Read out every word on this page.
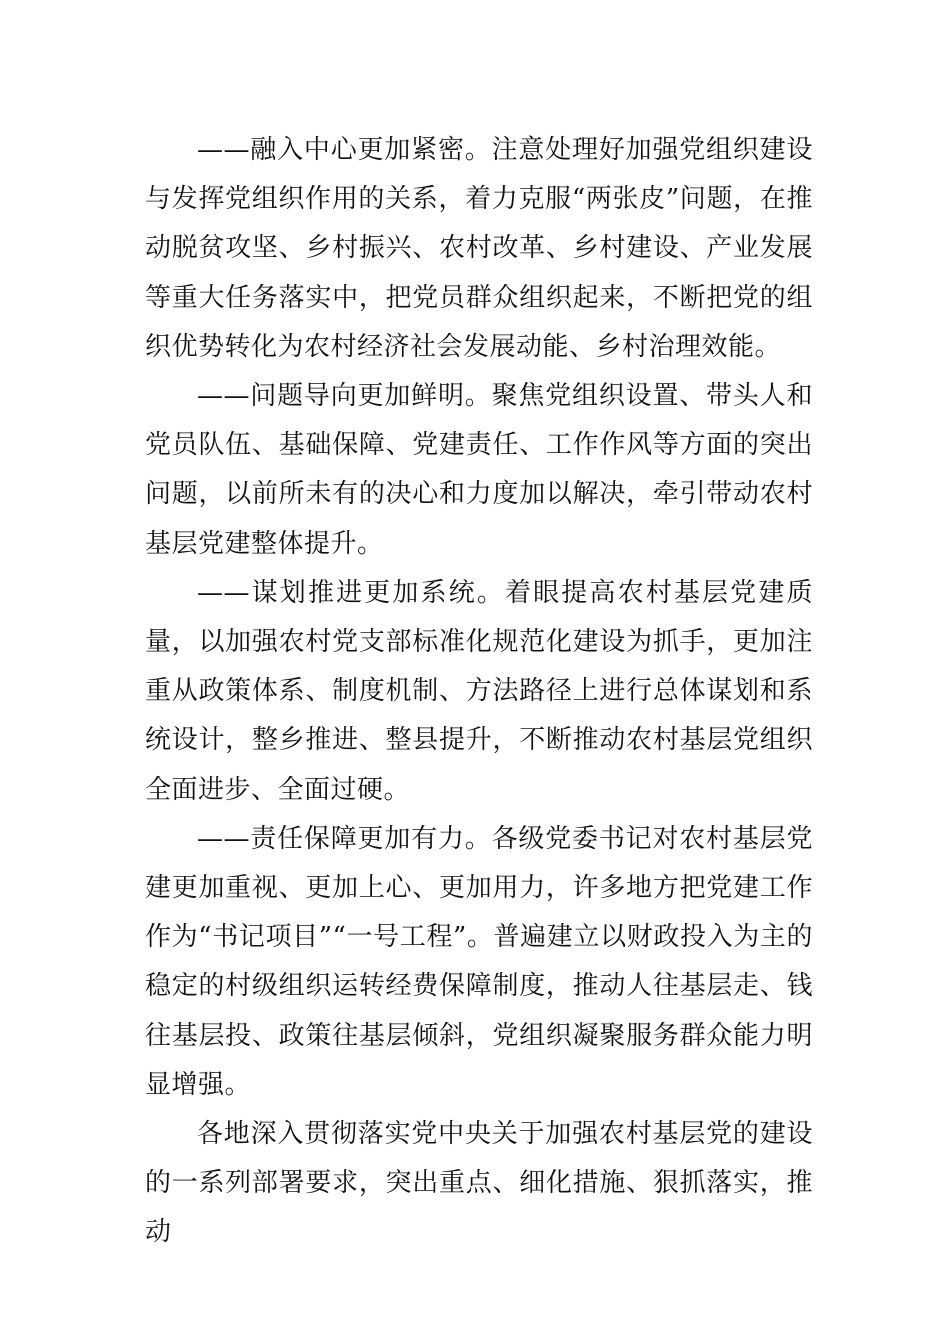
——融入中心更加紧密。注意处理好加强党组织建设与发挥党组织作用的关系，着力克服“两张皮”问题，在推动脱贫攻坚、乡村振兴、农村改革、乡村建设、产业发展等重大任务落实中，把党员群众组织起来，不断把党的组织优势转化为农村经济社会发展动能、乡村治理效能。

——问题导向更加鲜明。聚焦党组织设置、带头人和党员队伍、基础保障、党建责任、工作作风等方面的突出问题，以前所未有的决心和力度加以解决，牵引带动农村基层党建整体提升。

——谋划推进更加系统。着眼提高农村基层党建质量，以加强农村党支部标准化规范化建设为抓手，更加注重从政策体系、制度机制、方法路径上进行总体谋划和系统设计，整乡推进、整县提升，不断推动农村基层党组织全面进步、全面过硬。

——责任保障更加有力。各级党委书记对农村基层党建更加重视、更加上心、更加用力，许多地方把党建工作作为“书记项目”“一号工程”。普遍建立以财政投入为主的稳定的村级组织运转经费保障制度，推动人往基层走、钱往基层投、政策往基层倾斜，党组织凝聚服务群众能力明显增强。

各地深入贯彻落实党中央关于加强农村基层党的建设的一系列部署要求，突出重点、细化措施、狠抓落实，推动
